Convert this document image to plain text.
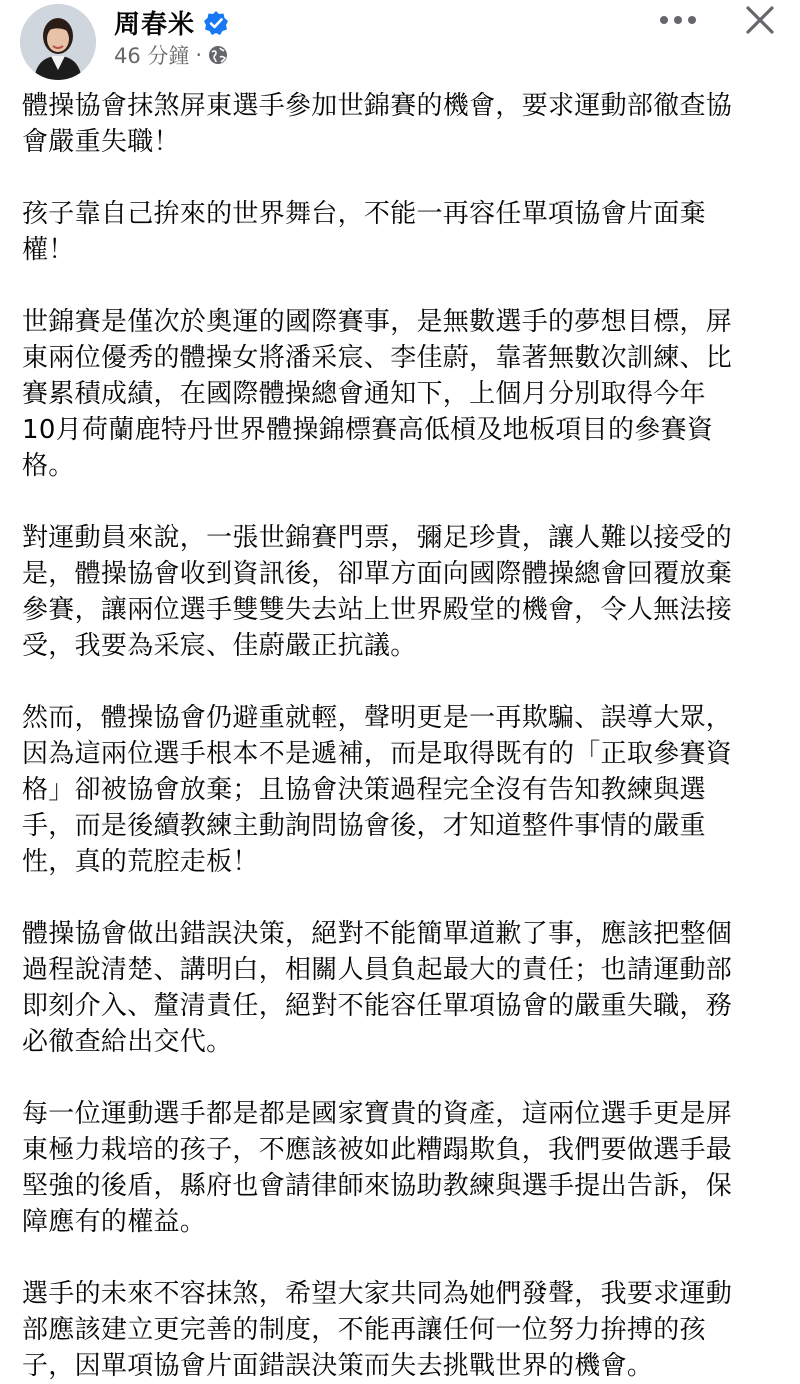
周春米
46 分鐘 ·

體操協會抹煞屏東選手參加世錦賽的機會，要求運動部徹查協
會嚴重失職！

孩子靠自己拚來的世界舞台，不能一再容任單項協會片面棄
權！

世錦賽是僅次於奧運的國際賽事，是無數選手的夢想目標，屏
東兩位優秀的體操女將潘采宸、李佳蔚，靠著無數次訓練、比
賽累積成績，在國際體操總會通知下，上個月分別取得今年
10月荷蘭鹿特丹世界體操錦標賽高低槓及地板項目的參賽資
格。

對運動員來說，一張世錦賽門票，彌足珍貴，讓人難以接受的
是，體操協會收到資訊後，卻單方面向國際體操總會回覆放棄
參賽，讓兩位選手雙雙失去站上世界殿堂的機會，令人無法接
受，我要為采宸、佳蔚嚴正抗議。

然而，體操協會仍避重就輕，聲明更是一再欺騙、誤導大眾，
因為這兩位選手根本不是遞補，而是取得既有的「正取參賽資
格」卻被協會放棄；且協會決策過程完全沒有告知教練與選
手，而是後續教練主動詢問協會後，才知道整件事情的嚴重
性，真的荒腔走板！

體操協會做出錯誤決策，絕對不能簡單道歉了事，應該把整個
過程說清楚、講明白，相關人員負起最大的責任；也請運動部
即刻介入、釐清責任，絕對不能容任單項協會的嚴重失職，務
必徹查給出交代。

每一位運動選手都是都是國家寶貴的資產，這兩位選手更是屏
東極力栽培的孩子，不應該被如此糟蹋欺負，我們要做選手最
堅強的後盾，縣府也會請律師來協助教練與選手提出告訴，保
障應有的權益。

選手的未來不容抹煞，希望大家共同為她們發聲，我要求運動
部應該建立更完善的制度，不能再讓任何一位努力拚搏的孩
子，因單項協會片面錯誤決策而失去挑戰世界的機會。
